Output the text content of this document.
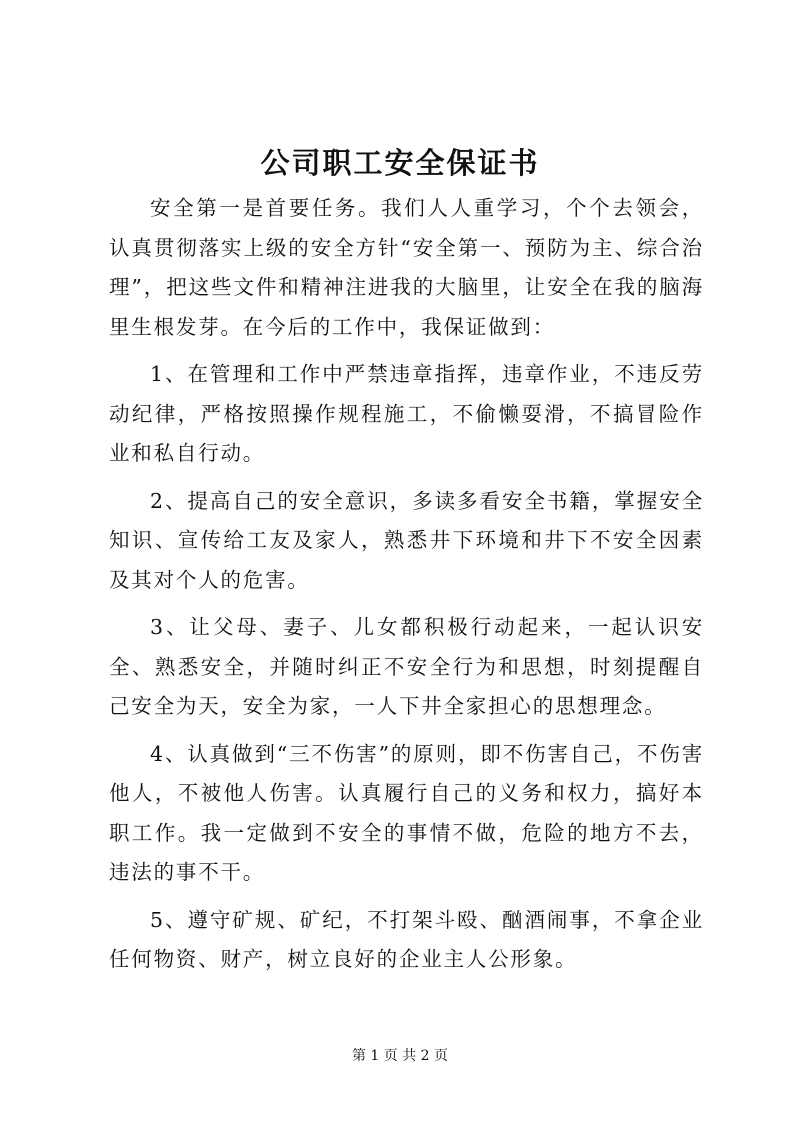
公司职工安全保证书

安全第一是首要任务。我们人人重学习，个个去领会，认真贯彻落实上级的安全方针“安全第一、预防为主、综合治理”，把这些文件和精神注进我的大脑里，让安全在我的脑海里生根发芽。在今后的工作中，我保证做到：

1、在管理和工作中严禁违章指挥，违章作业，不违反劳动纪律，严格按照操作规程施工，不偷懒耍滑，不搞冒险作业和私自行动。

2、提高自己的安全意识，多读多看安全书籍，掌握安全知识、宣传给工友及家人，熟悉井下环境和井下不安全因素及其对个人的危害。

3、让父母、妻子、儿女都积极行动起来，一起认识安全、熟悉安全，并随时纠正不安全行为和思想，时刻提醒自己安全为天，安全为家，一人下井全家担心的思想理念。

4、认真做到“三不伤害”的原则，即不伤害自己，不伤害他人，不被他人伤害。认真履行自己的义务和权力，搞好本职工作。我一定做到不安全的事情不做，危险的地方不去，违法的事不干。

5、遵守矿规、矿纪，不打架斗殴、酗酒闹事，不拿企业任何物资、财产，树立良好的企业主人公形象。

第 1 页 共 2 页
